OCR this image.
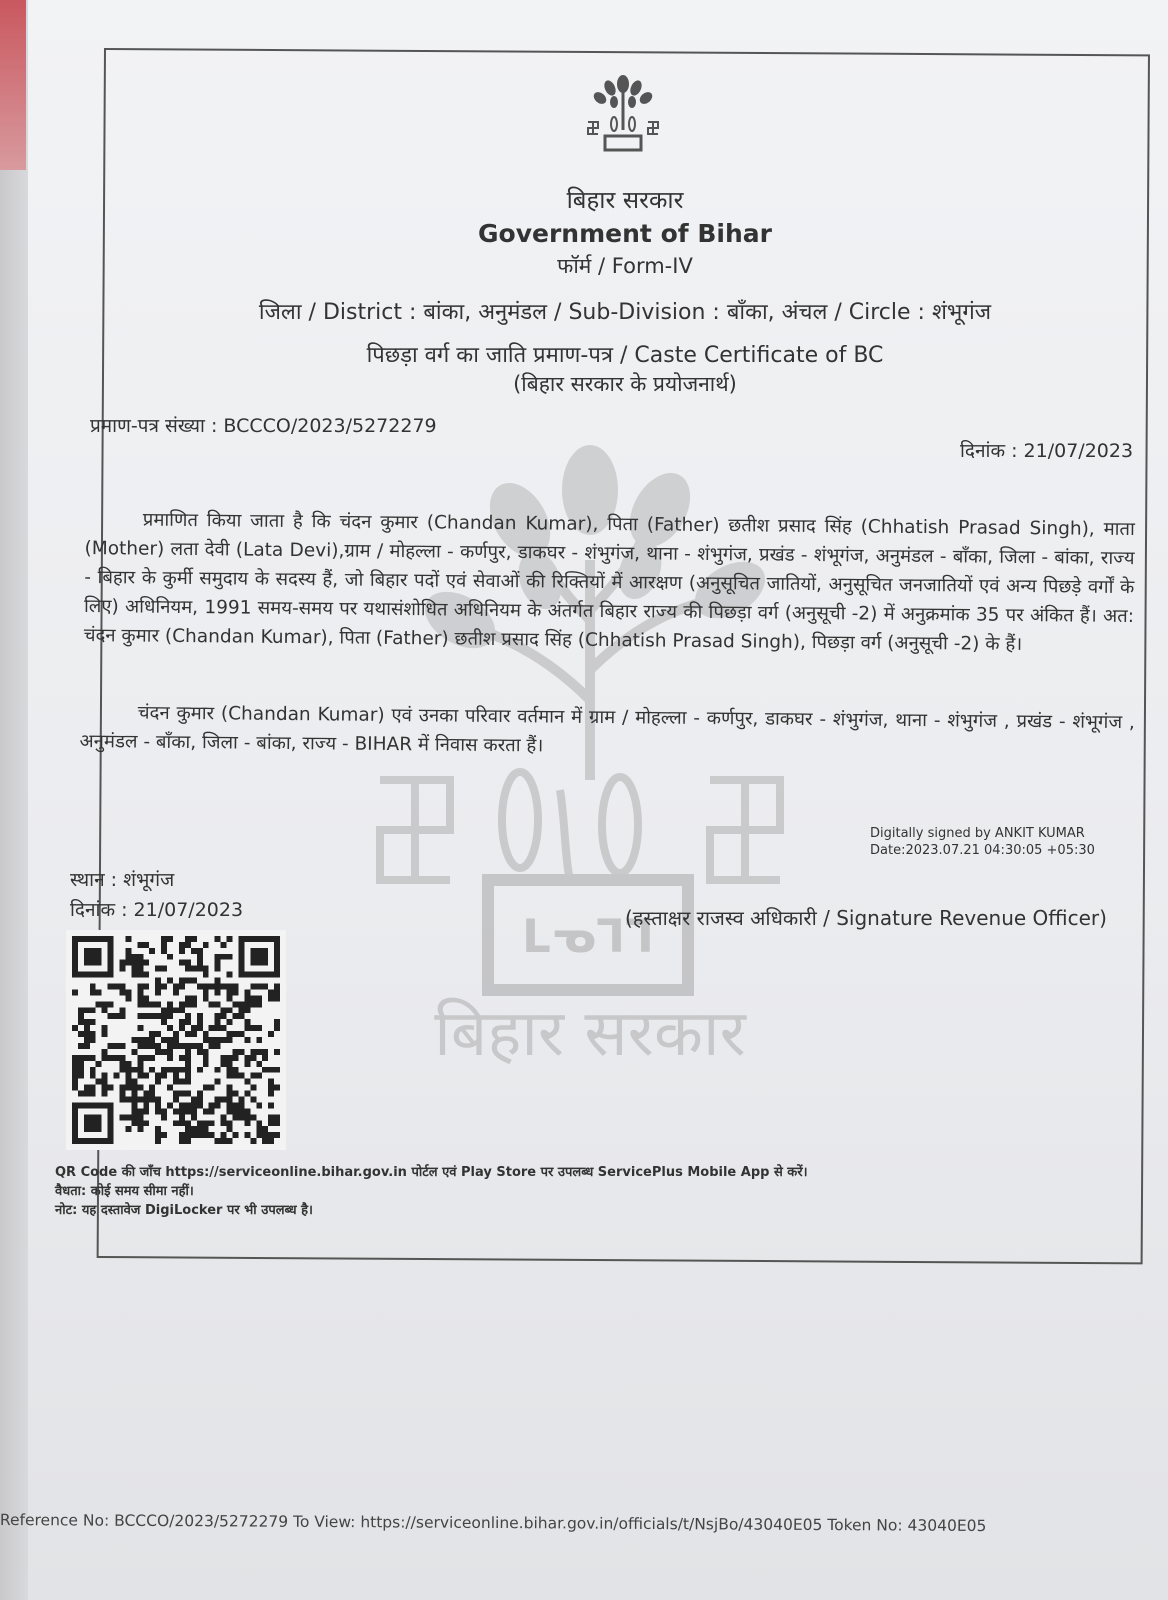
ᒪᓀᒣᒣ
बिहार सरकार
बिहार सरकार
Government of Bihar
फॉर्म / Form-IV
जिला / District : बांका, अनुमंडल / Sub-Division : बाँका, अंचल / Circle : शंभूगंज
पिछड़ा वर्ग का जाति प्रमाण-पत्र / Caste Certificate of BC
(बिहार सरकार के प्रयोजनार्थ)
प्रमाण-पत्र संख्या : BCCCO/2023/5272279
दिनांक : 21/07/2023
प्रमाणित किया जाता है कि चंदन कुमार (Chandan Kumar), पिता (Father) छतीश प्रसाद सिंह (Chhatish Prasad Singh), माता (Mother) लता देवी (Lata Devi),ग्राम / मोहल्ला - कर्णपुर, डाकघर - शंभुगंज, थाना - शंभुगंज, प्रखंड - शंभूगंज, अनुमंडल - बाँका, जिला - बांका, राज्य - बिहार के कुर्मी समुदाय के सदस्य हैं, जो बिहार पदों एवं सेवाओं की रिक्तियों में आरक्षण (अनुसूचित जातियों, अनुसूचित जनजातियों एवं अन्य पिछड़े वर्गों के लिए) अधिनियम, 1991 समय-समय पर यथासंशोधित अधिनियम के अंतर्गत बिहार राज्य की पिछड़ा वर्ग (अनुसूची -2) में अनुक्रमांक 35 पर अंकित हैं। अत: चंदन कुमार (Chandan Kumar), पिता (Father) छतीश प्रसाद सिंह (Chhatish Prasad Singh), पिछड़ा वर्ग (अनुसूची -2) के हैं।
चंदन कुमार (Chandan Kumar) एवं उनका परिवार वर्तमान में ग्राम / मोहल्ला - कर्णपुर, डाकघर - शंभुगंज, थाना - शंभुगंज , प्रखंड - शंभूगंज , अनुमंडल - बाँका, जिला - बांका, राज्य - BIHAR में निवास करता हैं।
Digitally signed by ANKIT KUMAR
Date:2023.07.21 04:30:05 +05:30
स्थान : शंभूगंज
दिनांक : 21/07/2023	(हस्ताक्षर राजस्व अधिकारी / Signature Revenue Officer)
QR Code की जाँच https://serviceonline.bihar.gov.in पोर्टल एवं Play Store पर उपलब्ध ServicePlus Mobile App से करें।
वैधता: कोई समय सीमा नहीं।
नोट: यह दस्तावेज DigiLocker पर भी उपलब्ध है।
Reference No: BCCCO/2023/5272279 To View: https://serviceonline.bihar.gov.in/officials/t/NsjBo/43040E05 Token No: 43040E05
